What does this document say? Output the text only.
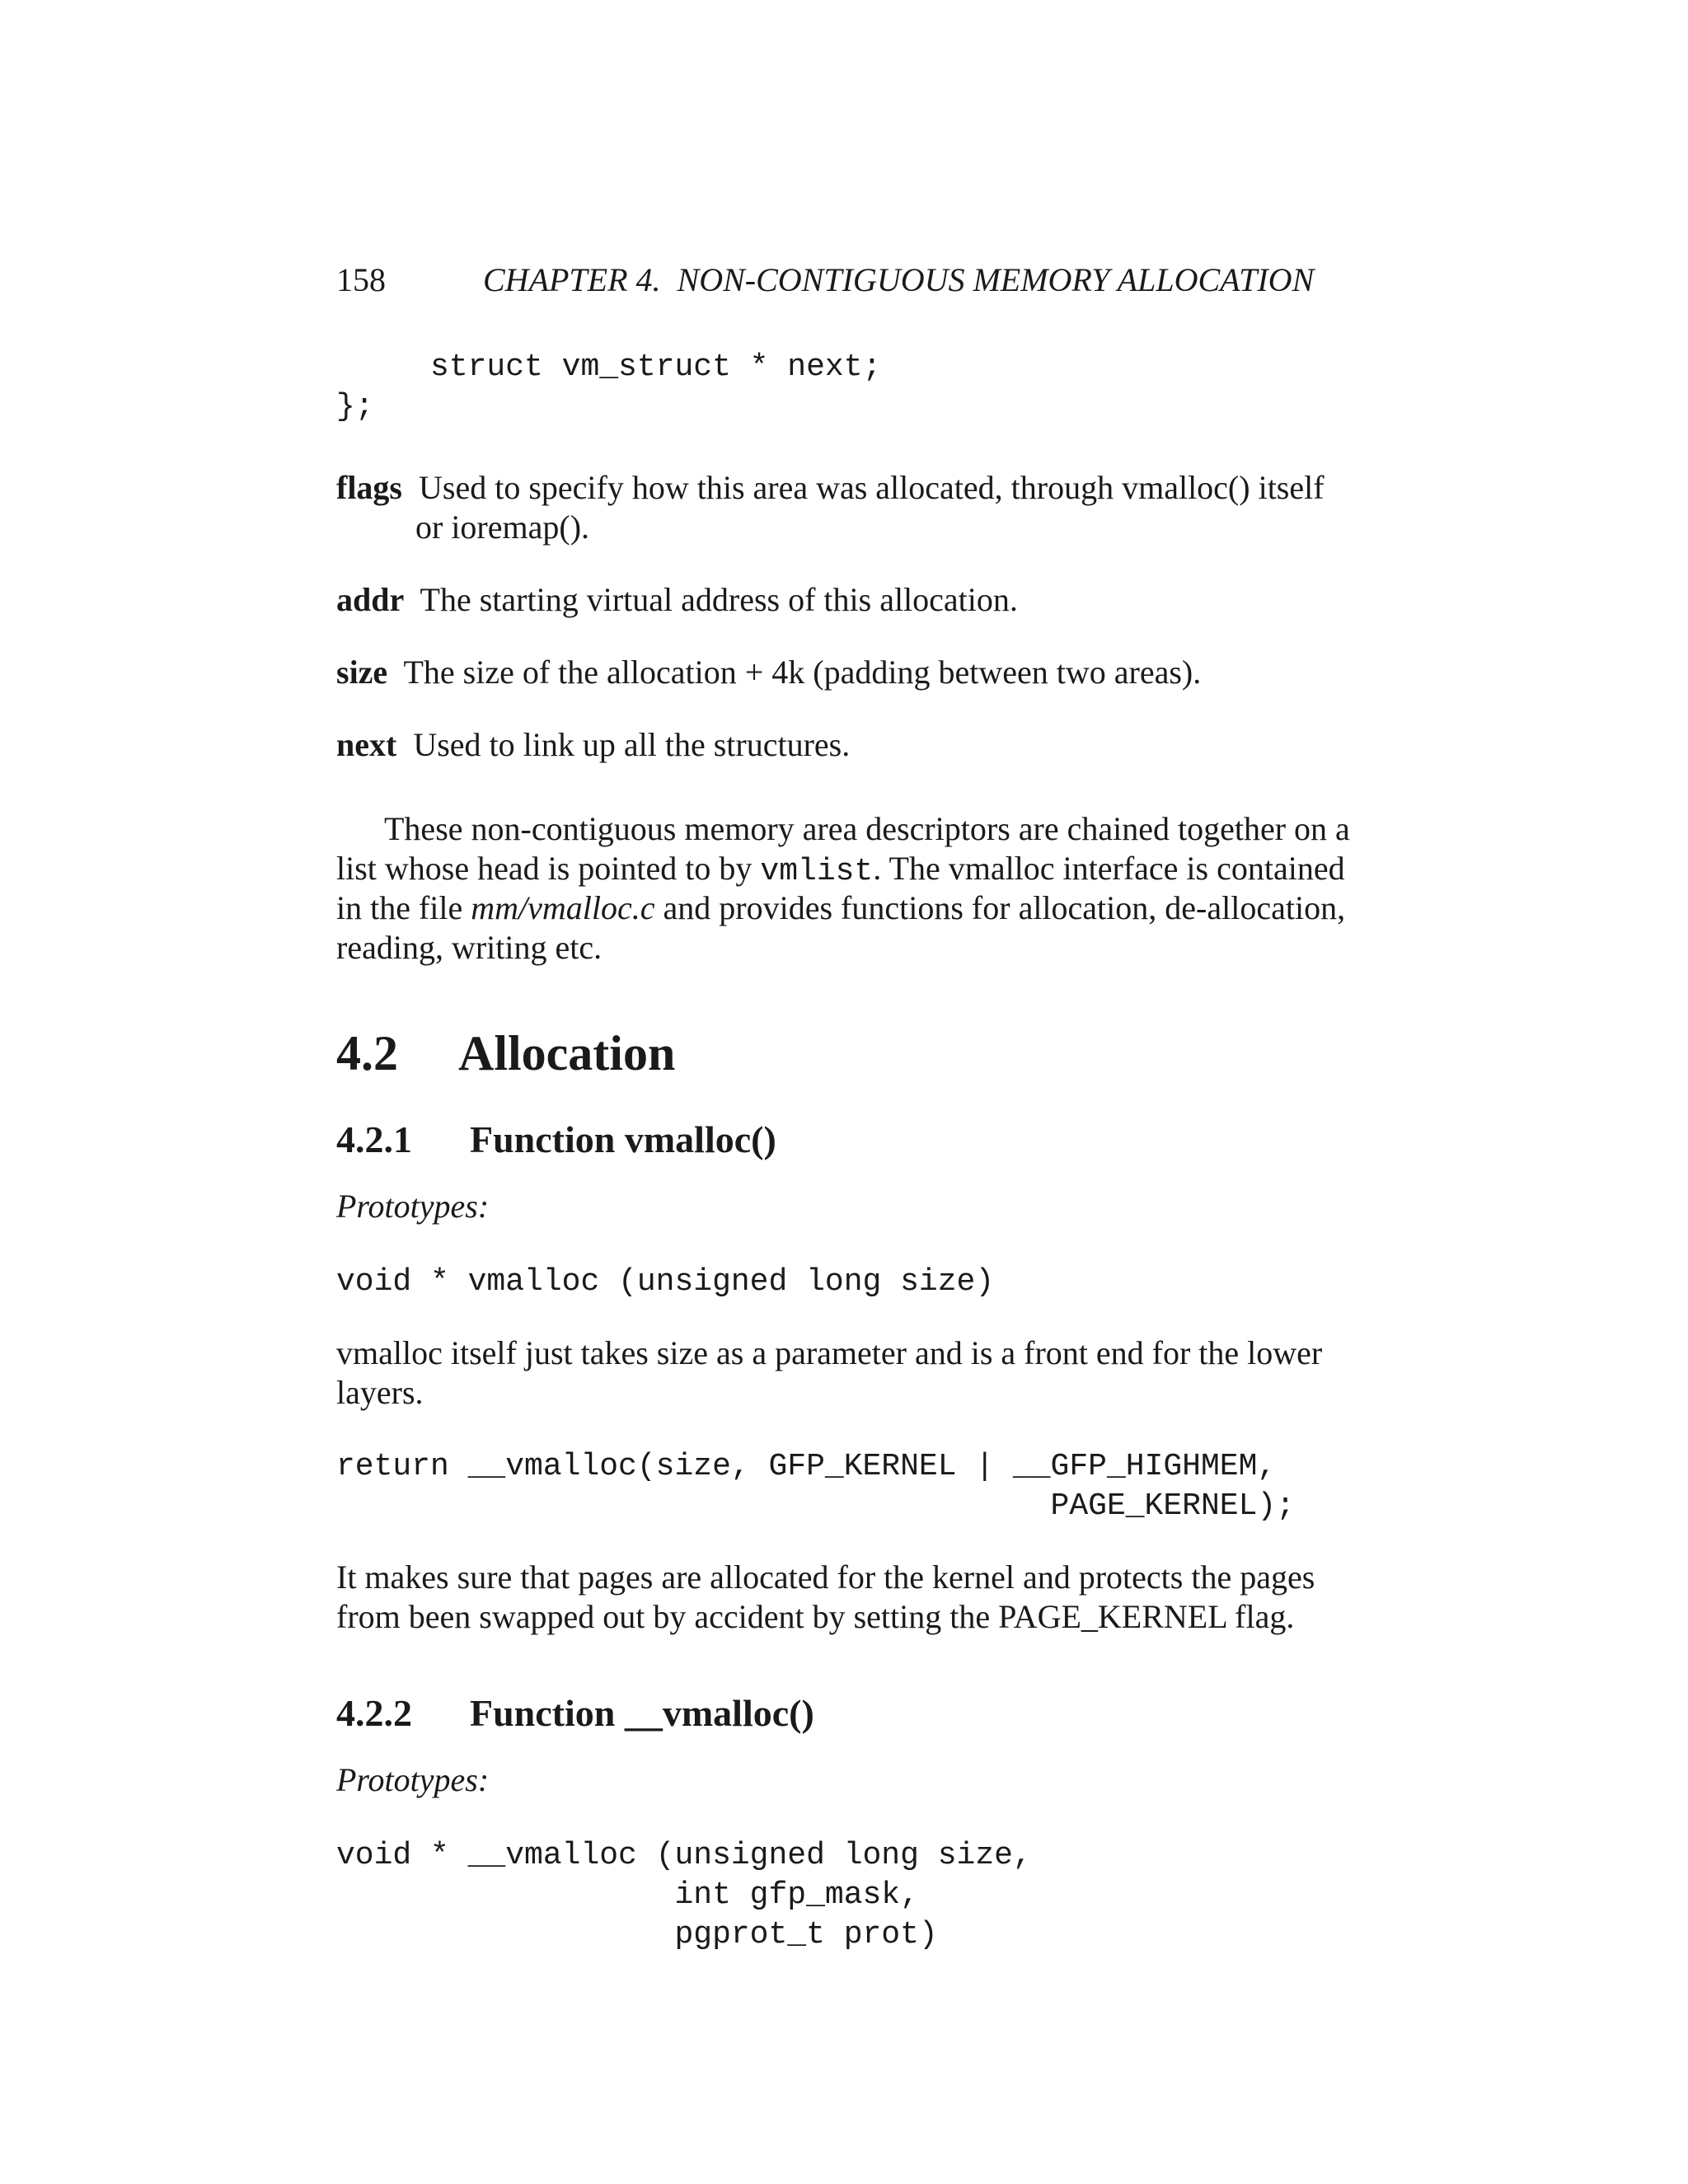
158	CHAPTER 4.  NON-CONTIGUOUS MEMORY ALLOCATION
struct vm_struct * next;
};
flags Used to specify how this area was allocated, through vmalloc() itself
or ioremap().
addr The starting virtual address of this allocation.
size The size of the allocation + 4k (padding between two areas).
next Used to link up all the structures.
These non-contiguous memory area descriptors are chained together on a
list whose head is pointed to by vmlist. The vmalloc interface is contained
in the file mm/vmalloc.c and provides functions for allocation, de-allocation,
reading, writing etc.
4.2 Allocation
4.2.1 Function vmalloc()
Prototypes:
void * vmalloc (unsigned long size)
vmalloc itself just takes size as a parameter and is a front end for the lower
layers.
return __vmalloc(size, GFP_KERNEL | __GFP_HIGHMEM,
PAGE_KERNEL);
It makes sure that pages are allocated for the kernel and protects the pages
from been swapped out by accident by setting the PAGE_KERNEL flag.
4.2.2 Function __vmalloc()
Prototypes:
void * __vmalloc (unsigned long size,
int gfp_mask,
pgprot_t prot)
